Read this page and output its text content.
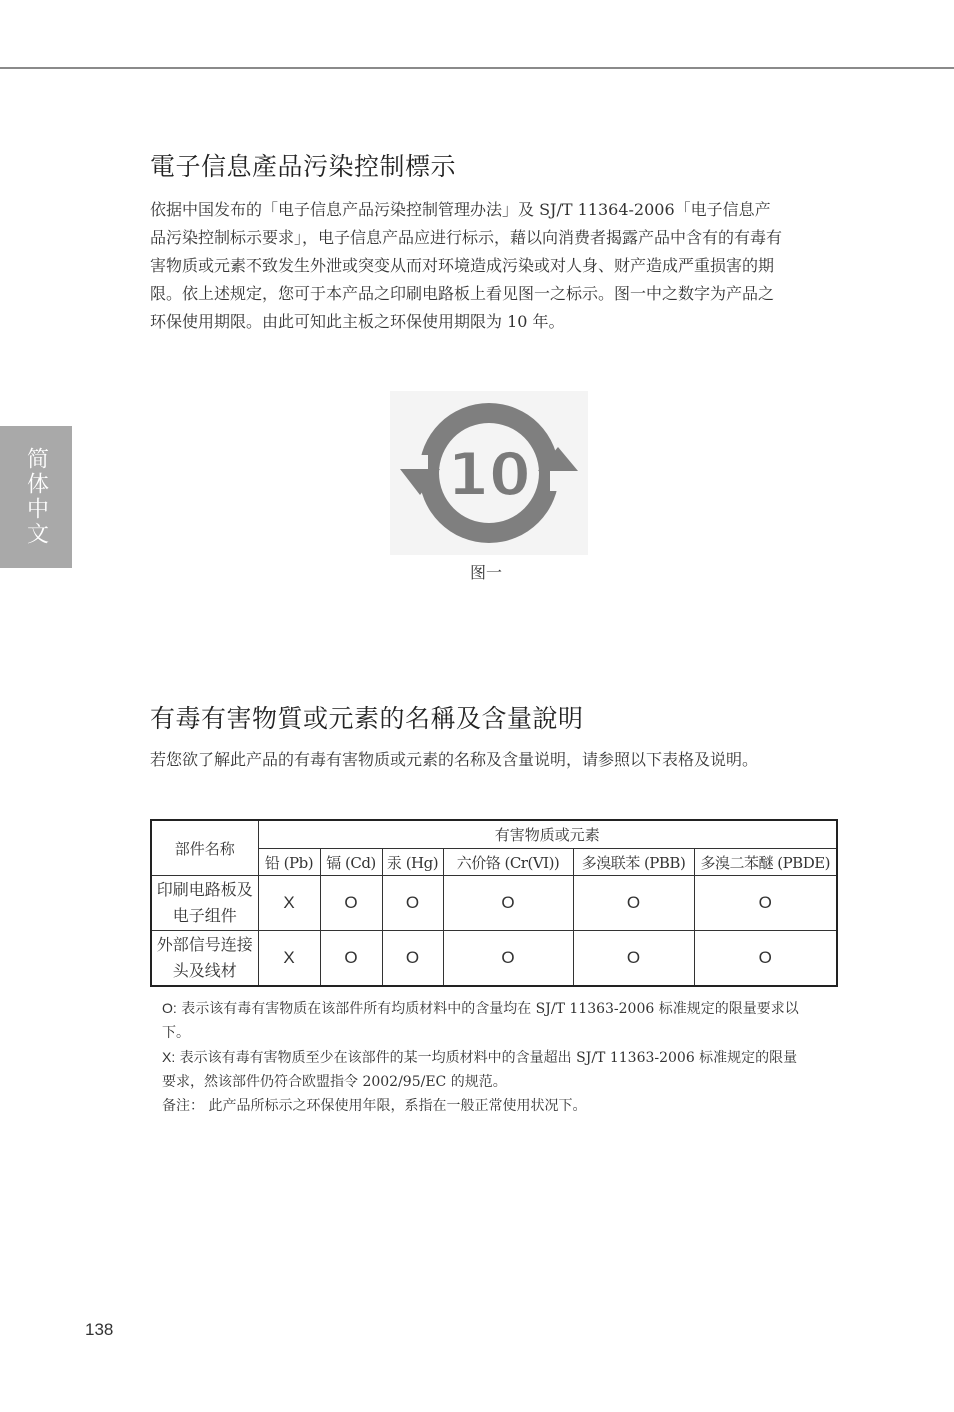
简体中文
電子信息產品污染控制標示

依据中国发布的「电子信息产品污染控制管理办法」及 SJ/T 11364-2006「电子信息产品污染控制标示要求」，电子信息产品应进行标示，藉以向消费者揭露产品中含有的有毒有害物质或元素不致发生外泄或突变从而对环境造成污染或对人身、财产造成严重损害的期限。依上述规定，您可于本产品之印刷电路板上看见图一之标示。图一中之数字为产品之环保使用期限。由此可知此主板之环保使用期限为 10 年。

10
图一
有毒有害物質或元素的名稱及含量說明

若您欲了解此产品的有毒有害物质或元素的名称及含量说明，请参照以下表格及说明。

部件名称	有害物质或元素					
	铅 (Pb)	镉 (Cd)	汞 (Hg)	六价铬 (Cr(VI))	多溴联苯 (PBB)	多溴二苯醚 (PBDE)
印刷电路板及电子组件	X	O	O	O	O	O
外部信号连接头及线材	X	O	O	O	O	O

O: 表示该有毒有害物质在该部件所有均质材料中的含量均在 SJ/T 11363-2006 标准规定的限量要求以下。

X: 表示该有毒有害物质至少在该部件的某一均质材料中的含量超出 SJ/T 11363-2006 标准规定的限量要求，然该部件仍符合欧盟指令 2002/95/EC 的规范。

备注： 此产品所标示之环保使用年限，系指在一般正常使用状况下。

138
